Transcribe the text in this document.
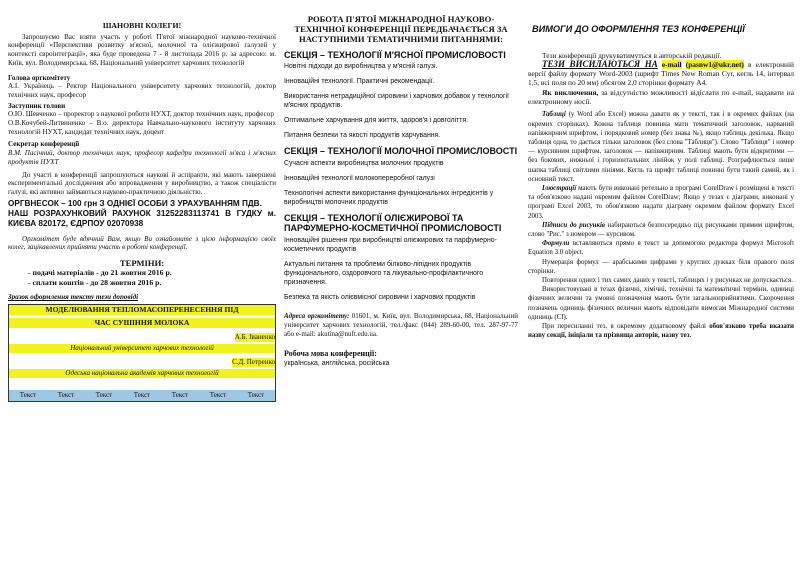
ШАНОВНІ КОЛЕГИ!
Запрошуємо Вас взяти участь у роботі П'ятої міжнародної науково-технічної конференції «Перспективи розвитку м'ясної, молочної та олієжирової галузей у контексті євроінтеграції», яка буде проведена 7 - 8 листопада 2016 р. за адресою: м. Київ, вул. Володимирська, 68, Національний університет харчових технологій
Голова оргкомітету
А.І. Українець – Ректор Національного університету харчових технологій, доктор технічних наук, професор
Заступник голови
О.Ю. Шевченко – проректор з наукової роботи НУХТ, доктор технічних наук, професор
О.В.Кочубей-Литвиненко – В.о. директора Навчально-наукового інституту харчових технологій НУХТ, кандидат технічних наук, доцент
Секретар конференції
В.М. Пасічний, доктор технічних наук, професор кафедри технології м'яса і м'ясних продуктів НУХТ
До участі в конференції запрошуються наукові й аспіранти, які мають завершені експериментальні дослідження або впровадження у виробництво, а також спеціалісти галузі, які активно займаються науково-практичною діяльністю.
ОРГВНЕСОК – 100 грн З ОДНІЄЇ ОСОБИ З УРАХУВАННЯМ ПДВ.
НАШ РОЗРАХУНКОВИЙ РАХУНОК 31252283113741 В ГУДКУ м. КИЄВА 820172, ЄДРПОУ 02070938
Оргкомітет буде вдячний Вам, якщо Ви ознайомите з цією інформацією своїх колег, зацікавлених прийняти участь в роботі конференції.
ТЕРМІНИ:
- подачі матеріалів - до 21 жовтня 2016 р.
- сплати коштів - до 28 жовтня 2016 р.
Зразок оформлення тексту тези доповіді
МОДЕЛЮВАННЯ ТЕПЛОМАСОПЕРЕНЕСЕННЯ ПІД
ЧАС СУШІННЯ МОЛОКА
А.Б. Іваненко
Національний університет харчових технологій
С.Д. Петренко
Одеська національна академія харчових технологій
Текст	Текст	Текст	Текст	Текст	Текст	Текст
РОБОТА П'ЯТОЇ МІЖНАРОДНОЇ НАУКОВО-ТЕХНІЧНОЇ КОНФЕРЕНЦІЇ ПЕРЕДБАЧАЄТЬСЯ ЗА НАСТУПНИМИ ТЕМАТИЧНИМИ ПИТАННЯМИ:
СЕКЦІЯ – ТЕХНОЛОГІЇ М'ЯСНОЇ ПРОМИСЛОВОСТІ
Новітні підходи до виробництва у м'ясній галузі.
Інноваційні технології. Практичні рекомендації.
Використання нетрадиційної сировини і харчових добавок у технології м'ясних продуктів.
Оптимальне харчування для життя, здоров'я і довголіття.
Питання безпеки та якості продуктів харчування.
СЕКЦІЯ – ТЕХНОЛОГІЇ МОЛОЧНОЇ ПРОМИСЛОВОСТІ
Сучасні аспекти виробництва молочних продуктів
Інноваційні технології молокопереробної галузі
Технологічні аспекти використання функціональних інгредієнтів у виробництві молочних продуктів
СЕКЦІЯ – ТЕХНОЛОГІЇ ОЛІЄЖИРОВОЇ ТА ПАРФУМЕРНО-КОСМЕТИЧНОЇ ПРОМИСЛОВОСТІ
Інноваційні рішення при виробництві олієжирових та парфумерно-косметичних продуктів
Актуальні питання та проблеми білково-ліпідних продуктів функціонального, оздоровчого та лікувально-профілактичного призначення.
Безпека та якість олієвмісної сировини і харчових продуктів
Адреса оргкомітету: 01601, м. Київ, вул. Володимирська, 68, Національний університет харчових технологій, тел./факс (044) 289-60-00, тел. 287-97-77 або e-mail: akutina@nuft.edu.ua.
Робоча мова конференції:
українська, англійська, російська
ВИМОГИ ДО ОФОРМЛЕННЯ ТЕЗ КОНФЕРЕНЦІЇ
Тези конференції друкуватимуться в авторській редакції.
ТЕЗИ ВИСИЛАЮТЬСЯ НА e-mail (pasnw1@ukr.net) в електронній версії файлу формату Word-2003 (шрифт Times New Roman Cyr, кегль 14, інтервал 1,5, всі поля по 20 мм) обсягом 2,0 сторінки формату А4.
Як виключення, за відсутністю можливості відіслати по e-mail, надавати на електронному носії.
Таблиці (у Word або Excel) можна давати як у тексті, так і в окремих файлах (на окремих сторінках). Кожна таблиця повинна мати тематичний заголовок, нарваний напівжирним шрифтом, і порядковий номер (без знака №), якщо таблиць декілька. Якщо таблиця одна, то дається тільки заголовок (без слова "Таблиця"). Слово "Таблиця" і номер — курсивним шрифтом, заголовок — напівжирним. Таблиці мають бути відкритими — без бокових, нижньої і горизонтальних лінійок у полі таблиці. Розграфлюється лише шапка таблиці світлими лініями. Кегль та шрифт таблиці повинні бути такий самий, як і основний текст.
Ілюстрації мають бути виконані ретельно в програмі CorelDraw і розміщені в тексті та обов'язково надані окремим файлом CorelDraw; Якщо у тезах є діаграми, виконані у програмі Excel 2003, то обов'язково надати діаграму окремим файлом формату Excel 2003.
Підписи до рисунків набираються безпосередньо під рисунками прямим шрифтом, слово "Рис." з номером — курсивом.
Формули вставляються прямо в текст за допомогою редактора формул Microsoft Equation 3.0 object.
Нумерація формул — арабськими цифрами у круглих дужках біля правого поля сторінки.
Повторення одних і тих самих даних у тексті, таблицях і у рисунках не допускається.
Використовувані в тезах фізичні, хімічні, технічні та математичні терміни, одиниці фізичних величин та умовні позначення мають бути загальноприйнятими. Скорочення позначень одиниць фізичних величин мають відповідати вимогам Міжнародної системи одиниць (СІ).
При пересиланні тез, в окремому додатковому файлі обов'язково треба вказати назву секції, ініціали та прізвища авторів, назву тез.
